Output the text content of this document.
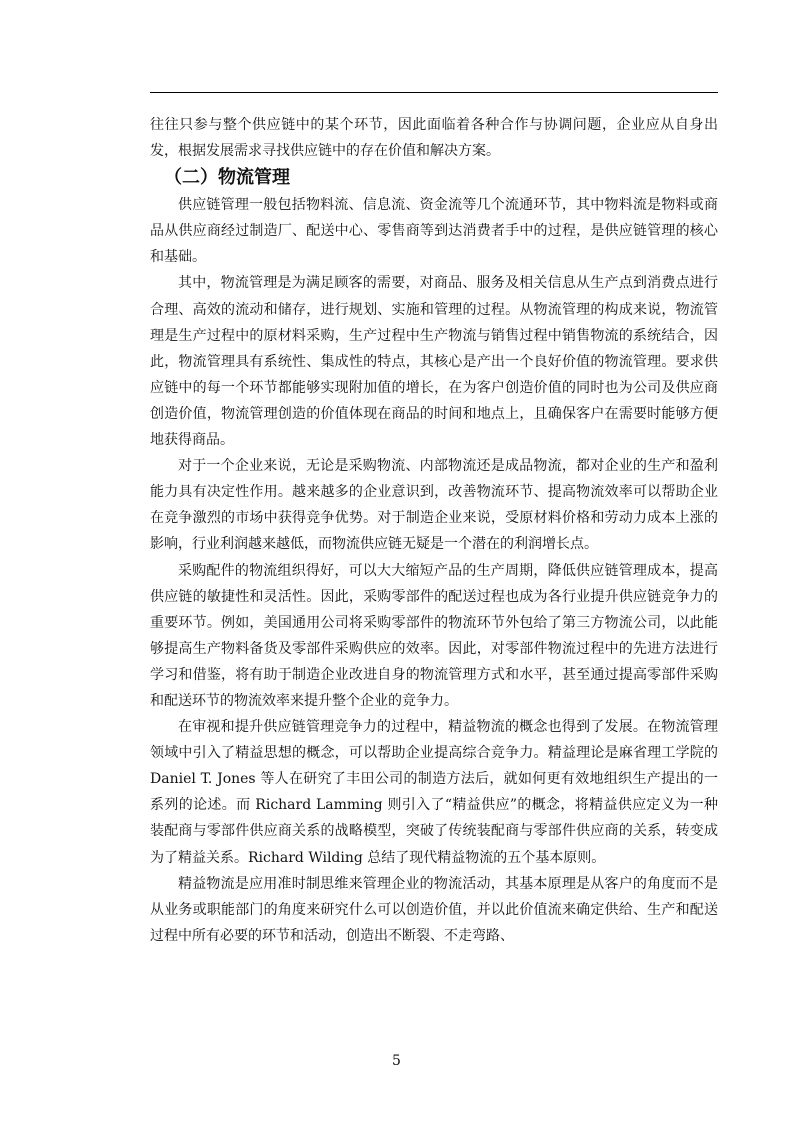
往往只参与整个供应链中的某个环节，因此面临着各种合作与协调问题，企业应从自身出发，根据发展需求寻找供应链中的存在价值和解决方案。

（二）物流管理

供应链管理一般包括物料流、信息流、资金流等几个流通环节，其中物料流是物料或商品从供应商经过制造厂、配送中心、零售商等到达消费者手中的过程，是供应链管理的核心和基础。

其中，物流管理是为满足顾客的需要，对商品、服务及相关信息从生产点到消费点进行合理、高效的流动和储存，进行规划、实施和管理的过程。从物流管理的构成来说，物流管理是生产过程中的原材料采购，生产过程中生产物流与销售过程中销售物流的系统结合，因此，物流管理具有系统性、集成性的特点，其核心是产出一个良好价值的物流管理。要求供应链中的每一个环节都能够实现附加值的增长，在为客户创造价值的同时也为公司及供应商创造价值，物流管理创造的价值体现在商品的时间和地点上，且确保客户在需要时能够方便地获得商品。

对于一个企业来说，无论是采购物流、内部物流还是成品物流，都对企业的生产和盈利能力具有决定性作用。越来越多的企业意识到，改善物流环节、提高物流效率可以帮助企业在竞争激烈的市场中获得竞争优势。对于制造企业来说，受原材料价格和劳动力成本上涨的影响，行业利润越来越低，而物流供应链无疑是一个潜在的利润增长点。

采购配件的物流组织得好，可以大大缩短产品的生产周期，降低供应链管理成本，提高供应链的敏捷性和灵活性。因此，采购零部件的配送过程也成为各行业提升供应链竞争力的重要环节。例如，美国通用公司将采购零部件的物流环节外包给了第三方物流公司，以此能够提高生产物料备货及零部件采购供应的效率。因此，对零部件物流过程中的先进方法进行学习和借鉴，将有助于制造企业改进自身的物流管理方式和水平，甚至通过提高零部件采购和配送环节的物流效率来提升整个企业的竞争力。

在审视和提升供应链管理竞争力的过程中，精益物流的概念也得到了发展。在物流管理领域中引入了精益思想的概念，可以帮助企业提高综合竞争力。精益理论是麻省理工学院的 Daniel T. Jones 等人在研究了丰田公司的制造方法后，就如何更有效地组织生产提出的一系列的论述。而 Richard Lamming 则引入了“精益供应”的概念，将精益供应定义为一种装配商与零部件供应商关系的战略模型，突破了传统装配商与零部件供应商的关系，转变成为了精益关系。Richard Wilding 总结了现代精益物流的五个基本原则。

精益物流是应用准时制思维来管理企业的物流活动，其基本原理是从客户的角度而不是从业务或职能部门的角度来研究什么可以创造价值，并以此价值流来确定供给、生产和配送过程中所有必要的环节和活动，创造出不断裂、不走弯路、

5
